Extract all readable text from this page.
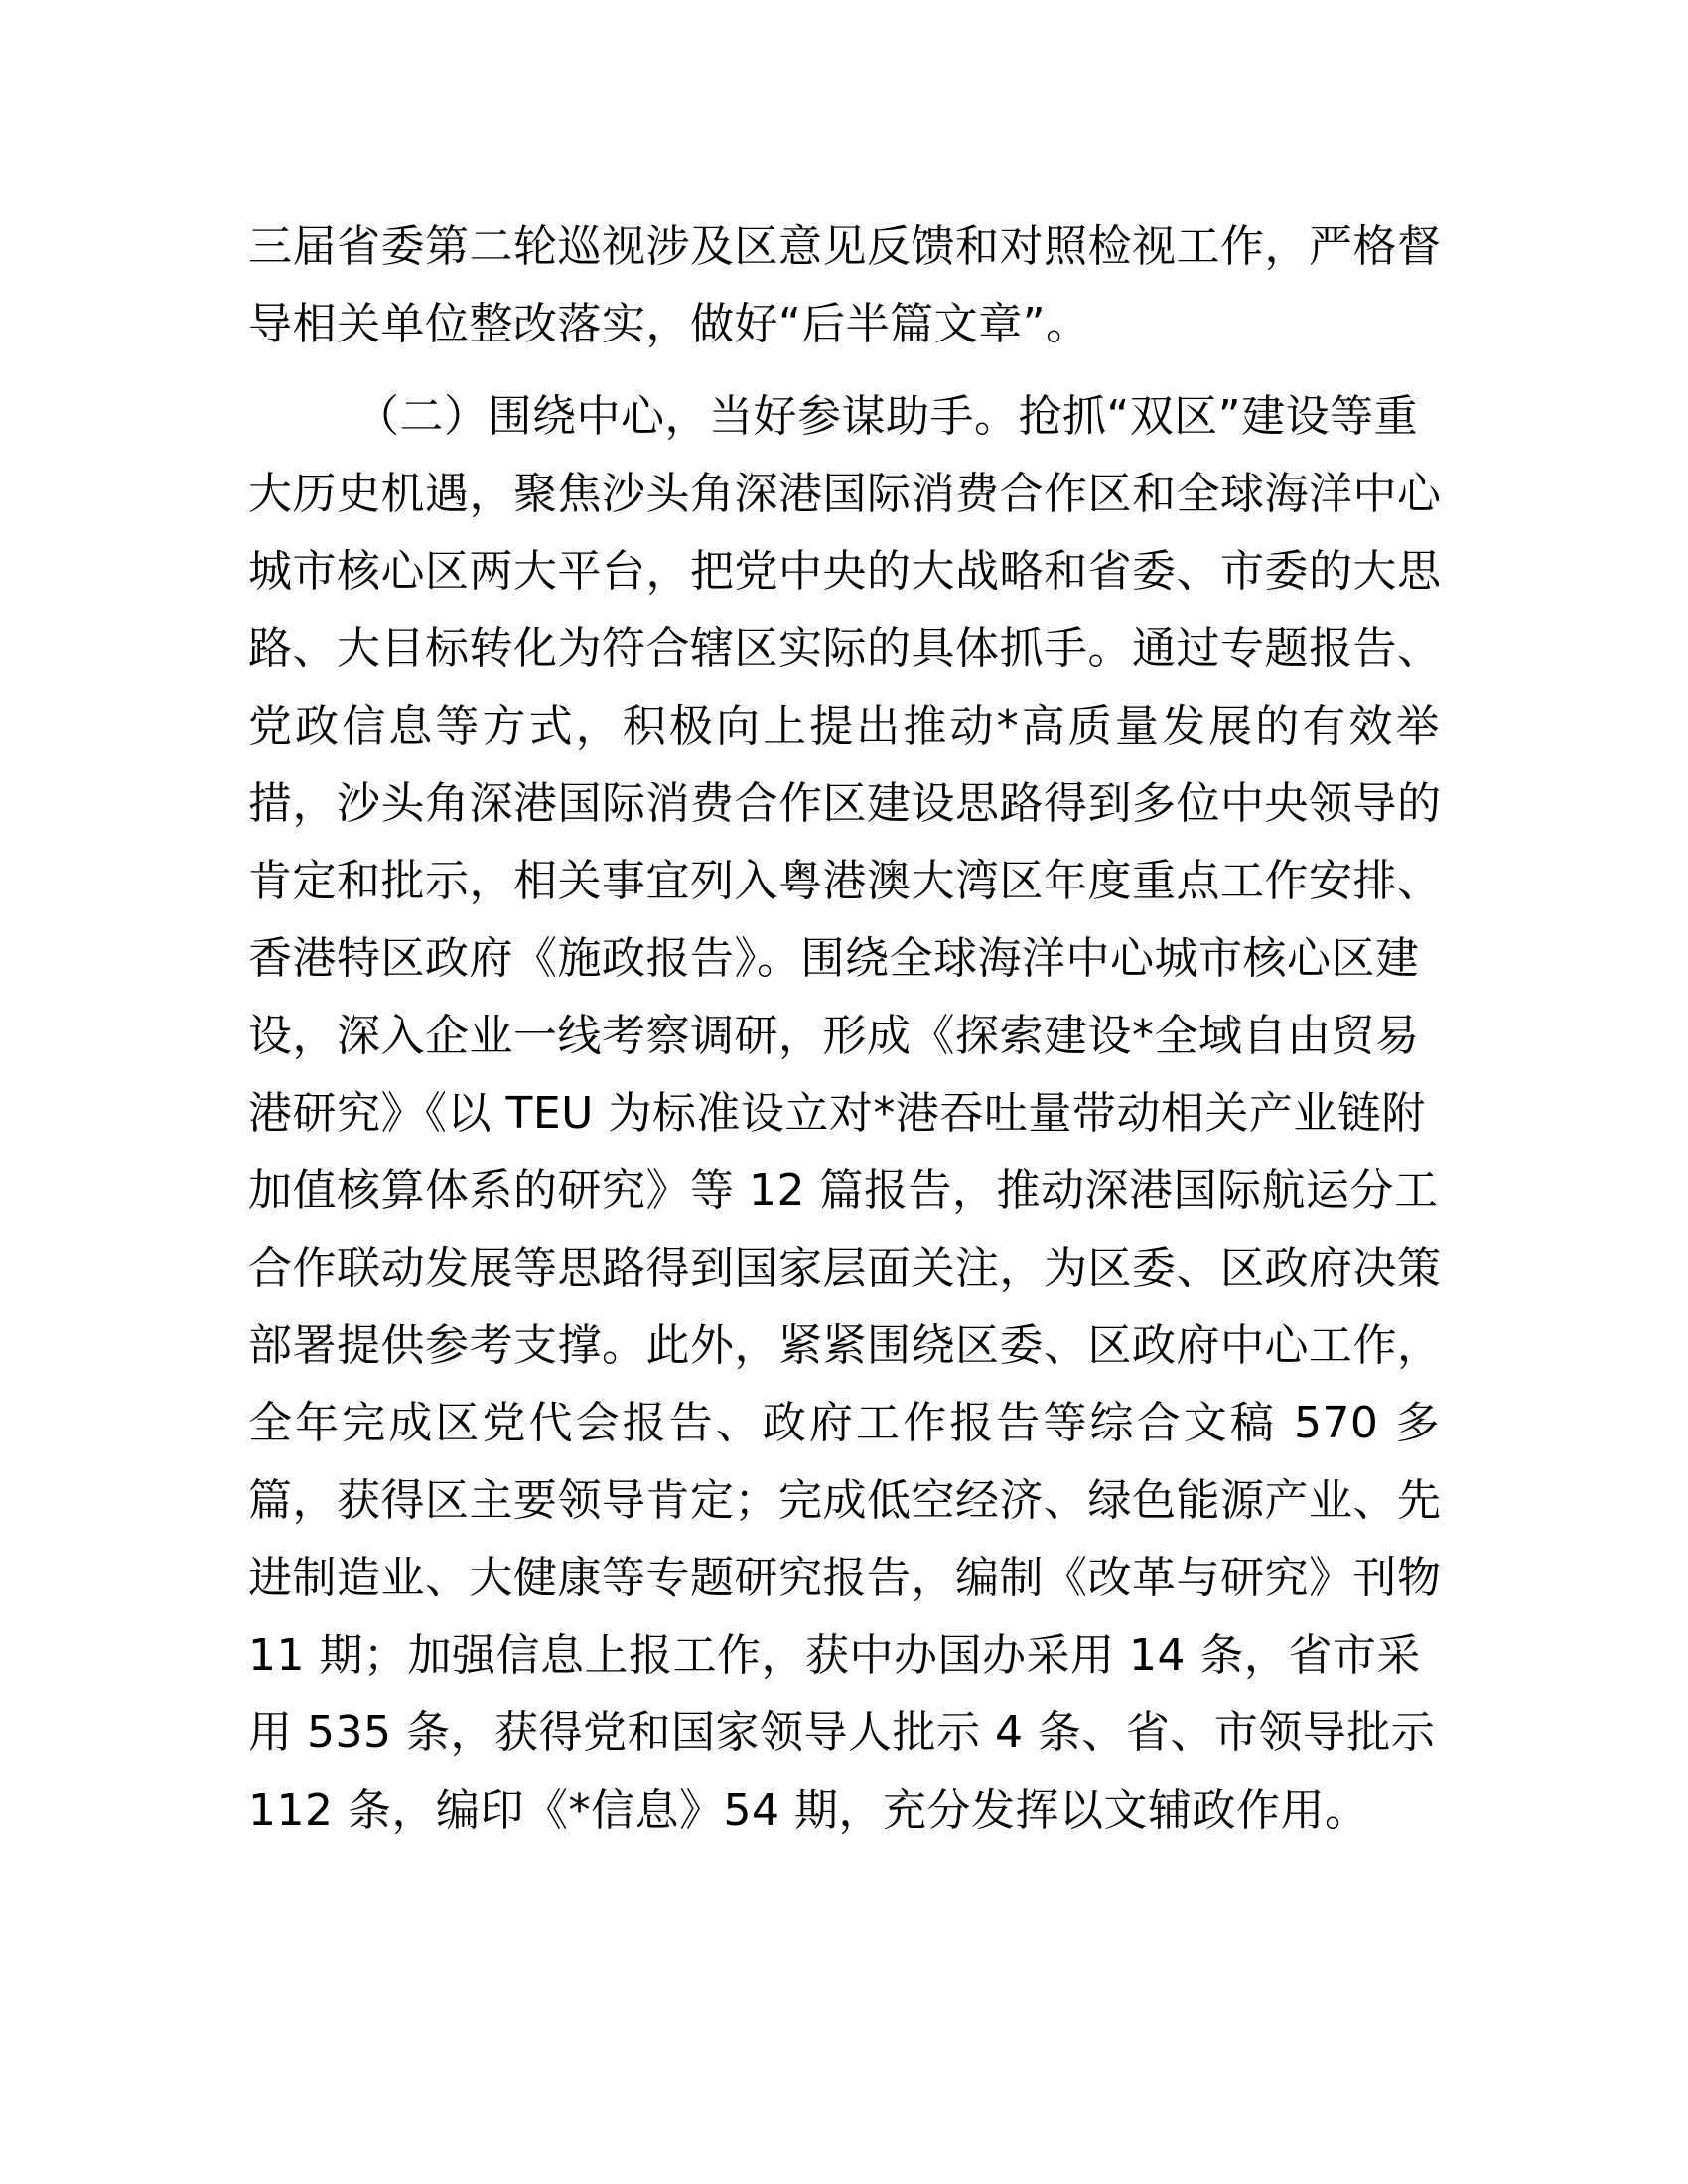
三届省委第二轮巡视涉及区意见反馈和对照检视工作，严格督
导相关单位整改落实，做好“后半篇文章”。
（二）围绕中心，当好参谋助手。抢抓“双区”建设等重
大历史机遇，聚焦沙头角深港国际消费合作区和全球海洋中心
城市核心区两大平台，把党中央的大战略和省委、市委的大思
路、大目标转化为符合辖区实际的具体抓手。通过专题报告、
党政信息等方式，积极向上提出推动*高质量发展的有效举
措，沙头角深港国际消费合作区建设思路得到多位中央领导的
肯定和批示，相关事宜列入粤港澳大湾区年度重点工作安排、
香港特区政府《施政报告》。围绕全球海洋中心城市核心区建
设，深入企业一线考察调研，形成《探索建设*全域自由贸易
港研究》《以 TEU 为标准设立对*港吞吐量带动相关产业链附
加值核算体系的研究》等 12 篇报告，推动深港国际航运分工
合作联动发展等思路得到国家层面关注，为区委、区政府决策
部署提供参考支撑。此外，紧紧围绕区委、区政府中心工作，
全年完成区党代会报告、政府工作报告等综合文稿 570 多
篇，获得区主要领导肯定；完成低空经济、绿色能源产业、先
进制造业、大健康等专题研究报告，编制《改革与研究》刊物
11 期；加强信息上报工作，获中办国办采用 14 条，省市采
用 535 条，获得党和国家领导人批示 4 条、省、市领导批示
112 条，编印《*信息》54 期，充分发挥以文辅政作用。
